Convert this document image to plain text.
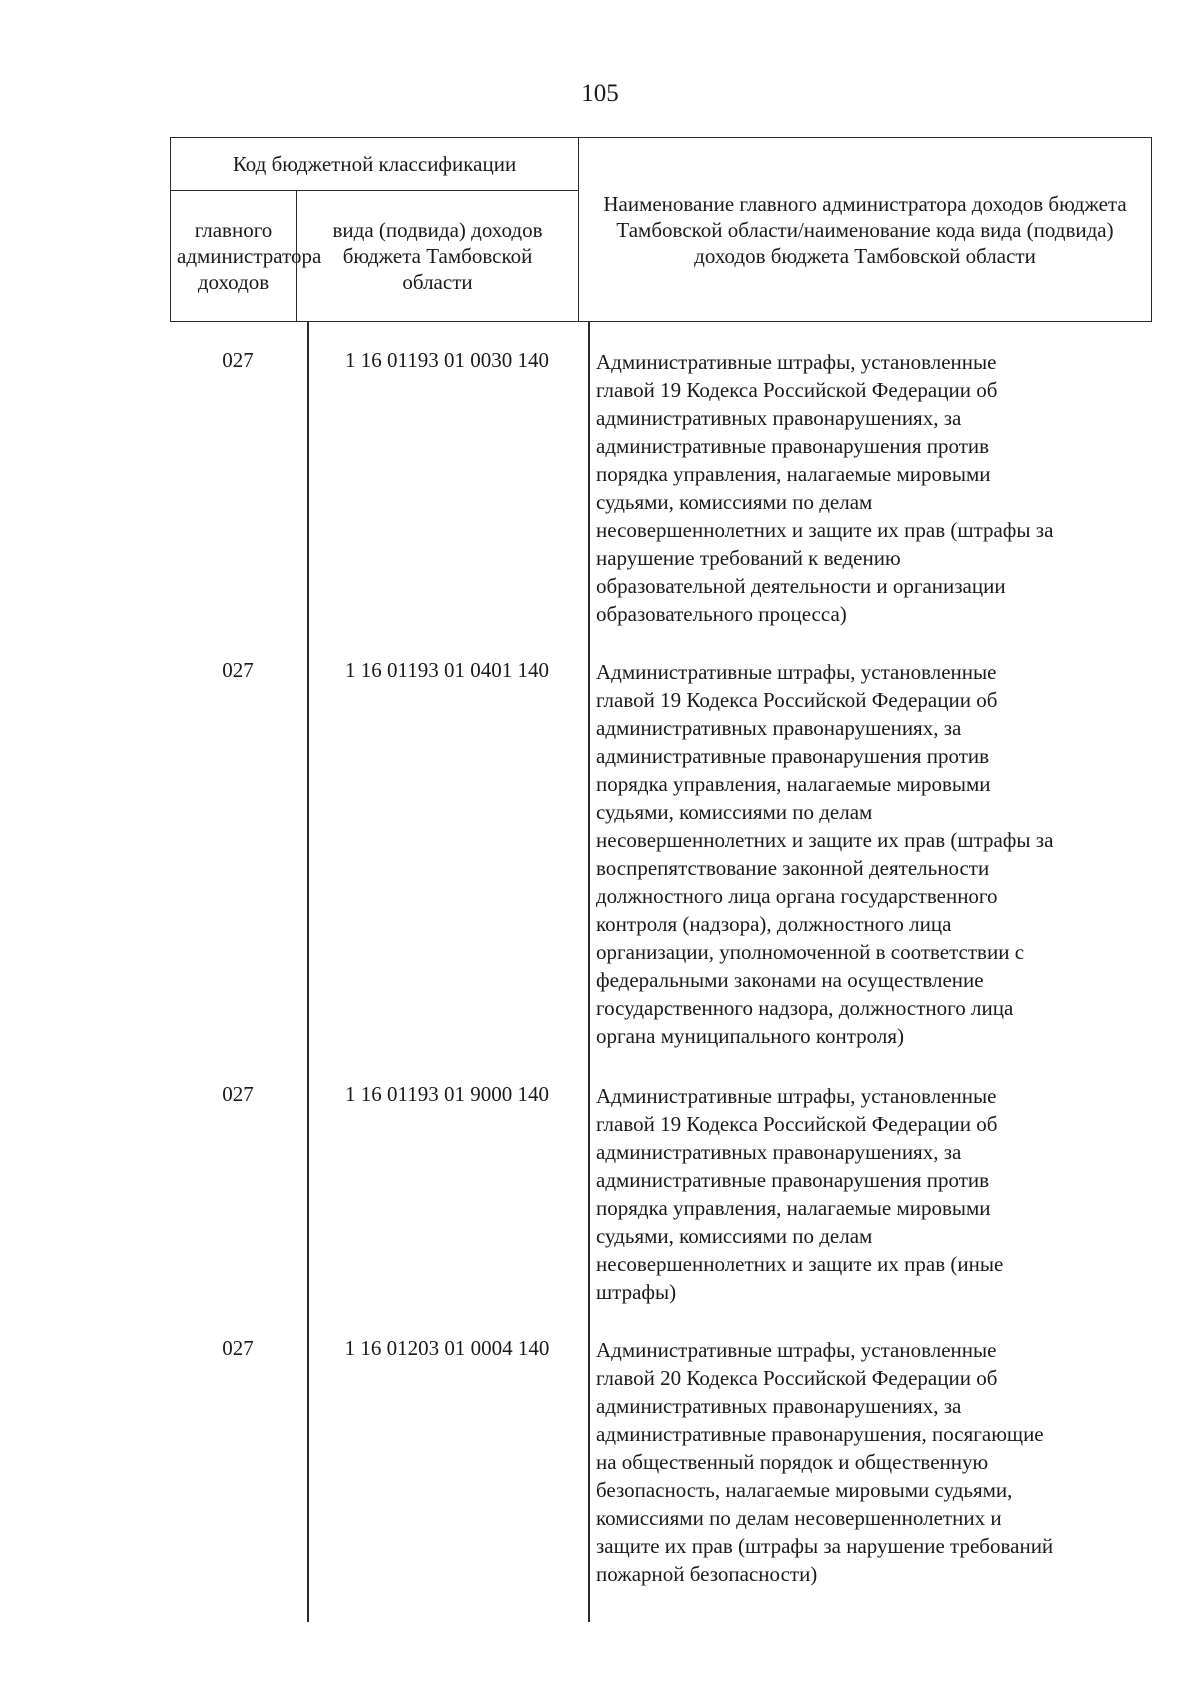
105
Код бюджетной классификации		Наименование главного администратора доходов бюджета Тамбовской области/наименование кода вида (подвида) доходов бюджета Тамбовской области
главного администратора доходов	вида (подвида) доходов бюджета Тамбовской области	
027	1 16 01193 01 0030 140	Административные штрафы, установленные
главой 19 Кодекса Российской Федерации об
административных правонарушениях, за
административные правонарушения против
порядка управления, налагаемые мировыми
судьями, комиссиями по делам
несовершеннолетних и защите их прав (штрафы за
нарушение требований к ведению
образовательной деятельности и организации
образовательного процесса)
027	1 16 01193 01 0401 140	Административные штрафы, установленные
главой 19 Кодекса Российской Федерации об
административных правонарушениях, за
административные правонарушения против
порядка управления, налагаемые мировыми
судьями, комиссиями по делам
несовершеннолетних и защите их прав (штрафы за
воспрепятствование законной деятельности
должностного лица органа государственного
контроля (надзора), должностного лица
организации, уполномоченной в соответствии с
федеральными законами на осуществление
государственного надзора, должностного лица
органа муниципального контроля)
027	1 16 01193 01 9000 140	Административные штрафы, установленные
главой 19 Кодекса Российской Федерации об
административных правонарушениях, за
административные правонарушения против
порядка управления, налагаемые мировыми
судьями, комиссиями по делам
несовершеннолетних и защите их прав (иные
штрафы)
027	1 16 01203 01 0004 140	Административные штрафы, установленные
главой 20 Кодекса Российской Федерации об
административных правонарушениях, за
административные правонарушения, посягающие
на общественный порядок и общественную
безопасность, налагаемые мировыми судьями,
комиссиями по делам несовершеннолетних и
защите их прав (штрафы за нарушение требований
пожарной безопасности)
